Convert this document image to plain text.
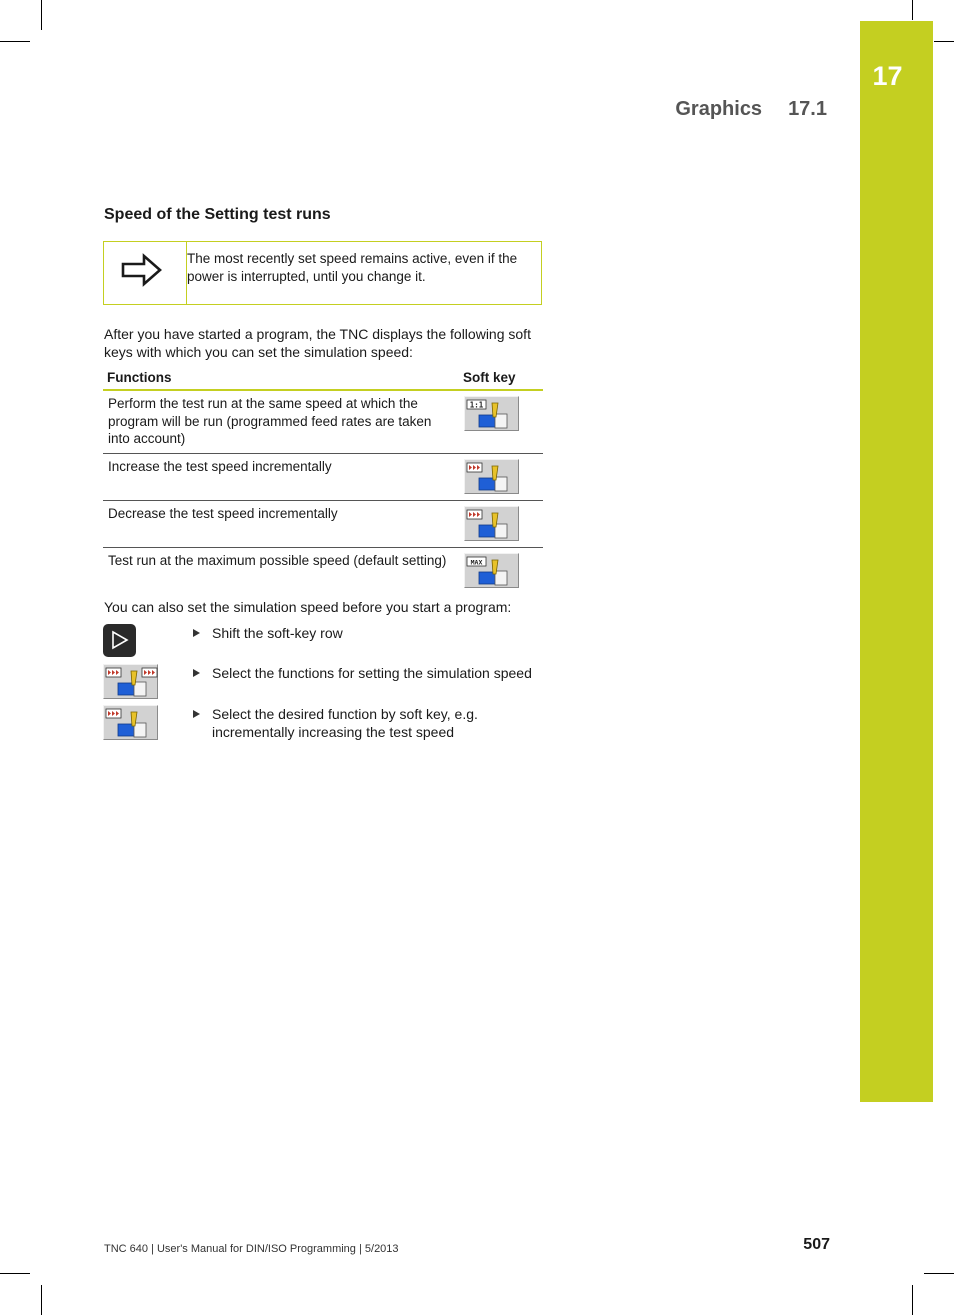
17
Graphics 17.1
Speed of the Setting test runs
The most recently set speed remains active, even if the power is interrupted, until you change it.
After you have started a program, the TNC displays the following soft keys with which you can set the simulation speed:
Functions	Soft key
Perform the test run at the same speed at which the program will be run (programmed feed rates are taken into account)	1:1

Increase the test speed incrementally	

Decrease the test speed incrementally	

Test run at the maximum possible speed (default setting)	MAX
You can also set the simulation speed before you start a program:
Shift the soft-key row
Select the functions for setting the simulation speed
Select the desired function by soft key, e.g. incrementally increasing the test speed
TNC 640 | User's Manual for DIN/ISO Programming | 5/2013	507
